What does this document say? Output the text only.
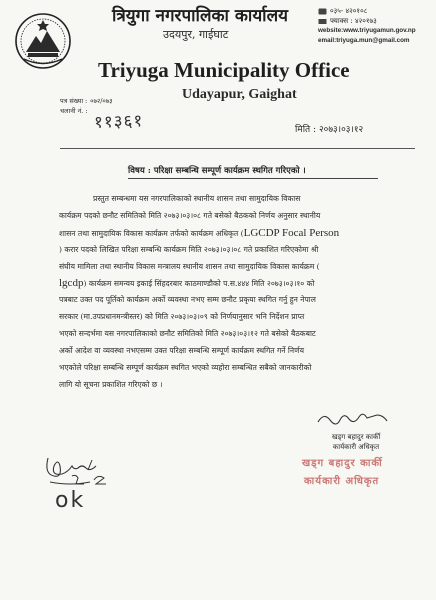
त्रियुगा नगरपालिका कार्यालय
उदयपुर, गाईघाट
Triyuga Municipality Office
Udayapur, Gaighat
०३५- ४२०१०८
फ्याक्स :
४२०१७३
website:www.triyugamun.gov.np
email:triyuga.mun@gmail.com
पत्र संख्या : ०७२/०७३
चलानी नं. :
११३६१	मिति : २०७३।०३।१२
विषय : परिक्षा सम्बन्धि सम्पूर्ण कार्यक्रम स्थगित गरिएको ।
प्रस्तुत सम्बन्धमा यस नगरपालिकाको स्थानीय शासन तथा सामुदायिक विकास
कार्यक्रम पदको छनौट समितिको मिति २०७३।०३।०८ गते बसेको बैठकको निर्णय अनुसार स्थानीय
शासन तथा सामुदायिक विकास कार्यक्रम तर्फको कार्यक्रम अधिकृत (LGCDP Focal Person
) करार पदको लिखित परिक्षा सम्बन्धि कार्यक्रम मिति २०७३।०३।०८ गते प्रकाशित गरिएकोमा श्री
संघीय मामिला तथा स्थानीय विकास मन्त्रालय स्थानीय शासन तथा सामुदायिक विकास कार्यक्रम (
lgcdp) कार्यक्रम समन्वय इकाई सिंहदरबार काठमाण्डौको प.स.४४४ मिति २०७३।०३।१० को
पत्रबाट उक्त पद पूर्तिको कार्यक्रम अर्को व्यवस्था नभए सम्म छनौट प्रकृया स्थगित गर्नु हुन नेपाल
सरकार (मा.उपप्रधानमन्त्रीस्तर) को मिति २०७३।०३।०९ को निर्णयानुसार भनि निर्देशन प्राप्त
भएको सन्दर्भमा यस नगरपालिकाको छनौट समितिको मिति २०७३।०३।१२ गते बसेको बैठकबाट
अर्को आदेश वा व्यवस्था नभएसम्म उक्त परिक्षा सम्बन्धि सम्पूर्ण कार्यक्रम स्थगित गर्ने निर्णय
भएकोले परिक्षा सम्बन्धि सम्पूर्ण कार्यक्रम स्थगित भएको व्यहोरा सम्बन्धित सबैको जानकारीको
लागि यो सूचना प्रकाशित गरिएको छ ।
खड्ग बहादुर कार्की
कार्यकारी अधिकृत
खड्ग बहादुर कार्की
कार्यकारी अधिकृत
ok
